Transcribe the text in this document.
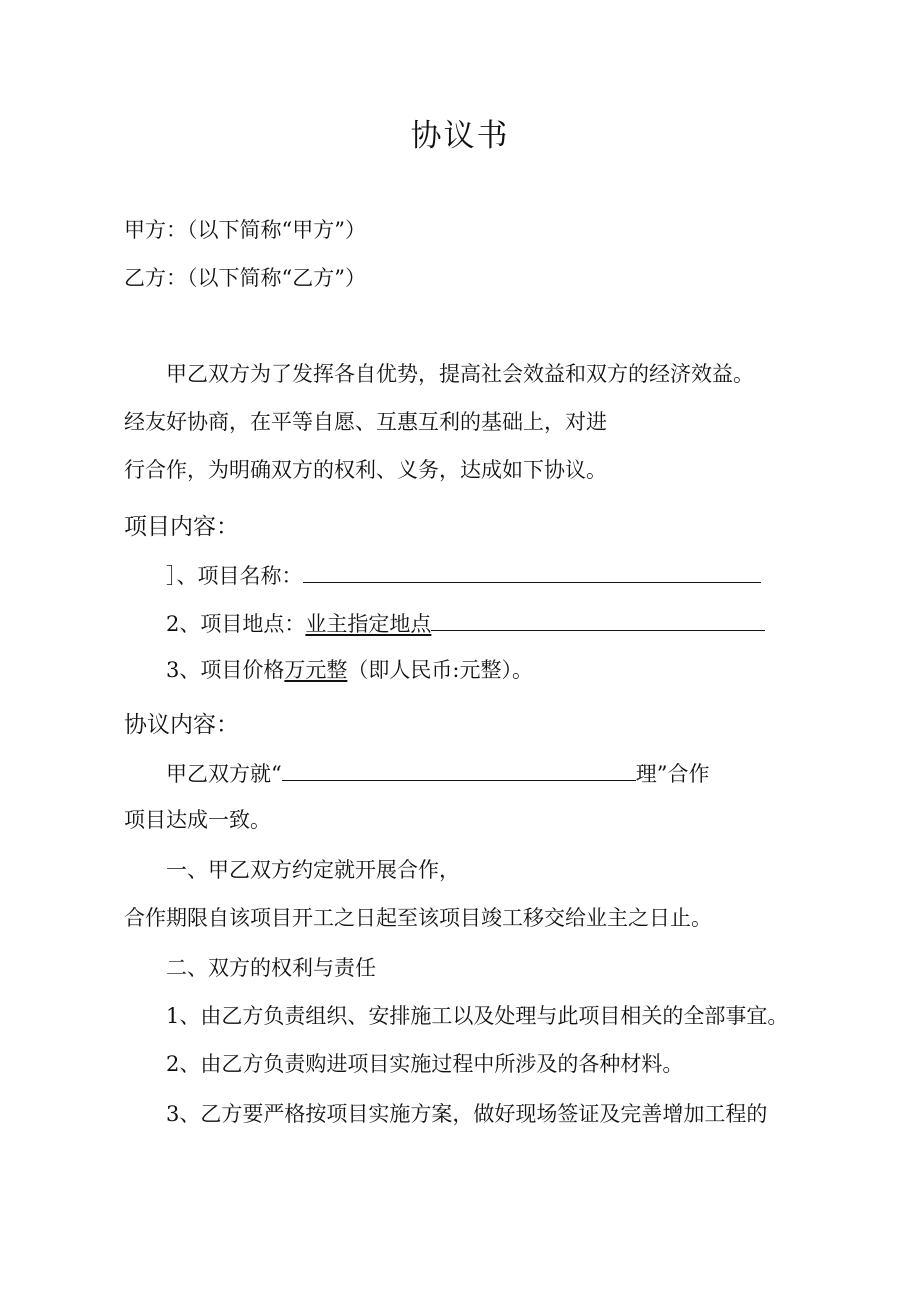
协议书

甲方：（以下简称“甲方”）

乙方：（以下简称“乙方”）

甲乙双方为了发挥各自优势，提高社会效益和双方的经济效益。

经友好协商，在平等自愿、互惠互利的基础上，对进

行合作，为明确双方的权利、义务，达成如下协议。

项目内容：

］、项目名称：

2、项目地点：业主指定地点

3、项目价格万元整（即人民币:元整）。

协议内容：

甲乙双方就“	理”合作

项目达成一致。

一、甲乙双方约定就开展合作，

合作期限自该项目开工之日起至该项目竣工移交给业主之日止。

二、双方的权利与责任

1、由乙方负责组织、安排施工以及处理与此项目相关的全部事宜。

2、由乙方负责购进项目实施过程中所涉及的各种材料。

3、乙方要严格按项目实施方案，做好现场签证及完善增加工程的
